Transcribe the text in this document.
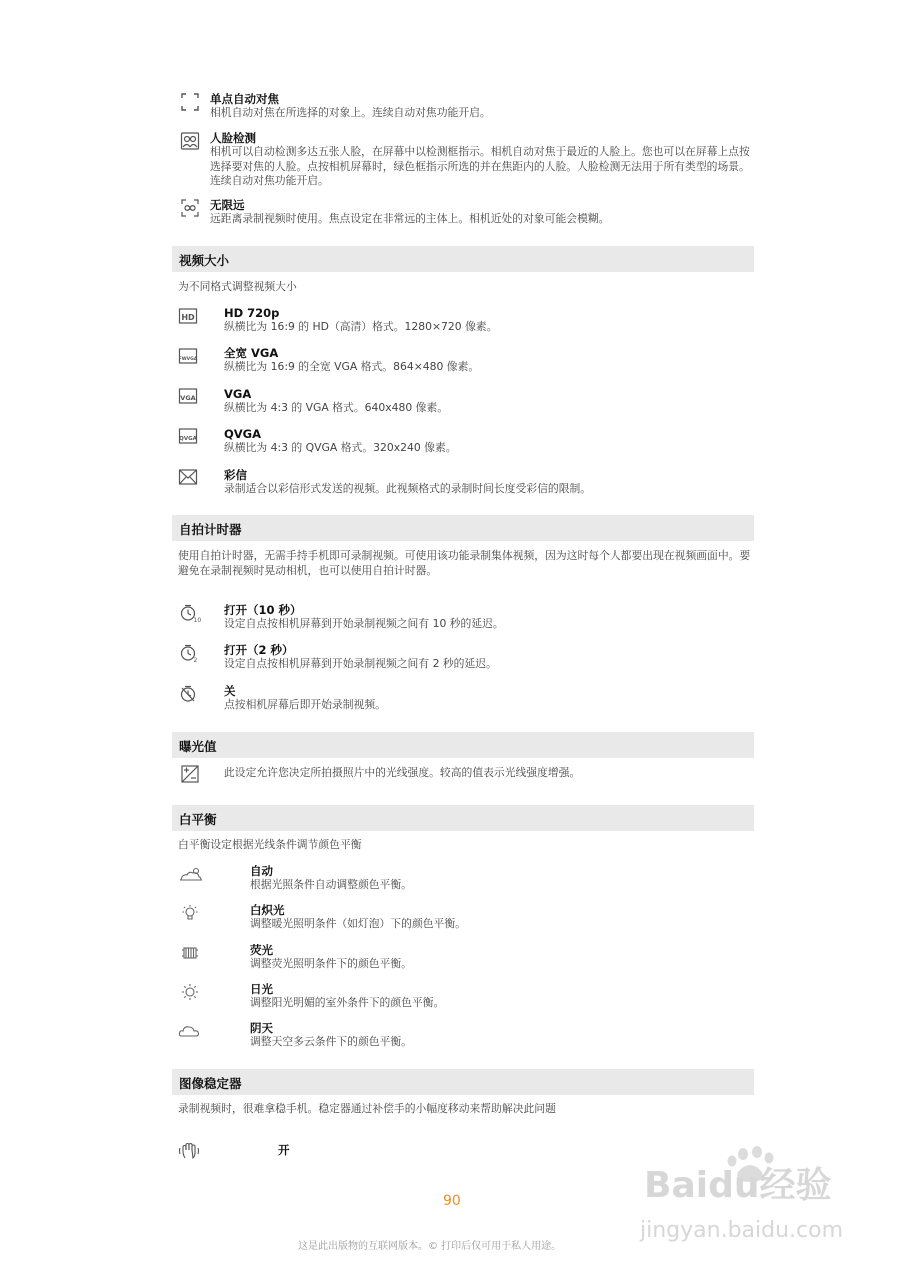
单点自动对焦
相机自动对焦在所选择的对象上。连续自动对焦功能开启。
人脸检测
相机可以自动检测多达五张人脸，在屏幕中以检测框指示。相机自动对焦于最近的人脸上。您也可以在屏幕上点按选择要对焦的人脸。点按相机屏幕时，绿色框指示所选的并在焦距内的人脸。人脸检测无法用于所有类型的场景。连续自动对焦功能开启。
无限远
远距离录制视频时使用。焦点设定在非常远的主体上。相机近处的对象可能会模糊。
视频大小
为不同格式调整视频大小
HD	HD 720p
纵横比为 16:9 的 HD（高清）格式。1280×720 像素。
FWVGA 全宽 VGA
纵横比为 16:9 的全宽 VGA 格式。864×480 像素。
VGA VGA
纵横比为 4:3 的 VGA 格式。640x480 像素。
QVGA QVGA
纵横比为 4:3 的 QVGA 格式。320x240 像素。
彩信
录制适合以彩信形式发送的视频。此视频格式的录制时间长度受彩信的限制。
自拍计时器
使用自拍计时器，无需手持手机即可录制视频。可使用该功能录制集体视频，因为这时每个人都要出现在视频画面中。要避免在录制视频时晃动相机，也可以使用自拍计时器。
10
打开（10 秒）
设定自点按相机屏幕到开始录制视频之间有 10 秒的延迟。
2
打开（2 秒）
设定自点按相机屏幕到开始录制视频之间有 2 秒的延迟。
关
点按相机屏幕后即开始录制视频。
曝光值
此设定允许您决定所拍摄照片中的光线强度。较高的值表示光线强度增强。
白平衡
白平衡设定根据光线条件调节颜色平衡
自动
根据光照条件自动调整颜色平衡。
白炽光
调整暖光照明条件（如灯泡）下的颜色平衡。
荧光
调整荧光照明条件下的颜色平衡。
日光
调整阳光明媚的室外条件下的颜色平衡。
阴天
调整天空多云条件下的颜色平衡。
图像稳定器
录制视频时，很难拿稳手机。稳定器通过补偿手的小幅度移动来帮助解决此问题
开
90
这是此出版物的互联网版本。© 打印后仅可用于私人用途。
Baidu经验
jingyan.baidu.com
